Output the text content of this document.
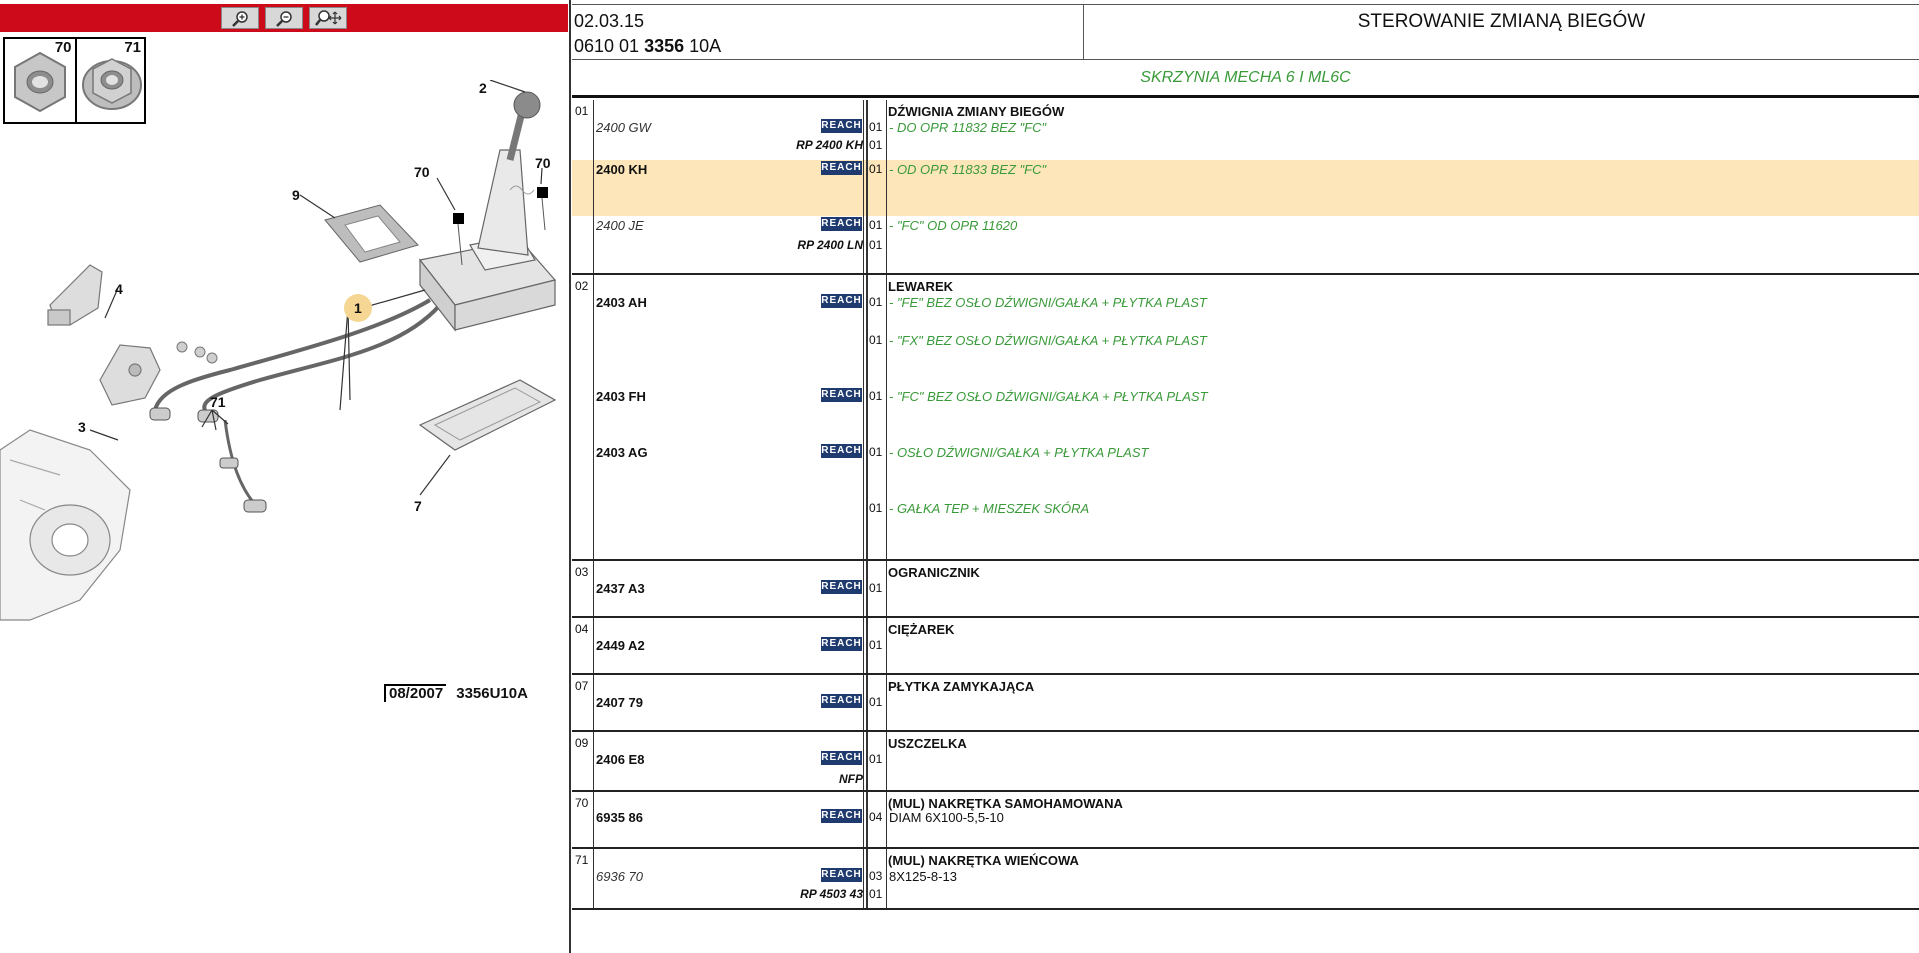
70	71
2
70
70
9
4
1
71
3
7
08/2007 3356U10A
02.03.15
0610 01 3356 10A
STEROWANIE ZMIANĄ BIEGÓW
SKRZYNIA MECHA 6 I ML6C
01	DŹWIGNIA ZMIANY BIEGÓW
2400 GW	REACH 01 - DO OPR 11832 BEZ "FC"
RP 2400 KH 01
2400 KH	REACH 01 - OD OPR 11833 BEZ "FC"
2400 JE	REACH 01 - "FC" OD OPR 11620
RP 2400 LN 01
02	LEWAREK
2403 AH	REACH 01 - "FE" BEZ OSŁO DŹWIGNI/GAŁKA + PŁYTKA PLAST
01 - "FX" BEZ OSŁO DŹWIGNI/GAŁKA + PŁYTKA PLAST
2403 FH	REACH 01 - "FC" BEZ OSŁO DŹWIGNI/GAŁKA + PŁYTKA PLAST
2403 AG	REACH 01 - OSŁO DŹWIGNI/GAŁKA + PŁYTKA PLAST
01 - GAŁKA TEP + MIESZEK SKÓRA
03	OGRANICZNIK
2437 A3	REACH 01
04	CIĘŻAREK
2449 A2	REACH 01
07	PŁYTKA ZAMYKAJĄCA
2407 79	REACH 01
09	USZCZELKA
2406 E8	REACH 01
NFP
70	(MUL) NAKRĘTKA SAMOHAMOWANA
6935 86	REACH 04 DIAM 6X100-5,5-10
71	(MUL) NAKRĘTKA WIEŃCOWA
6936 70	REACH 03 8X125-8-13
RP 4503 43 01
